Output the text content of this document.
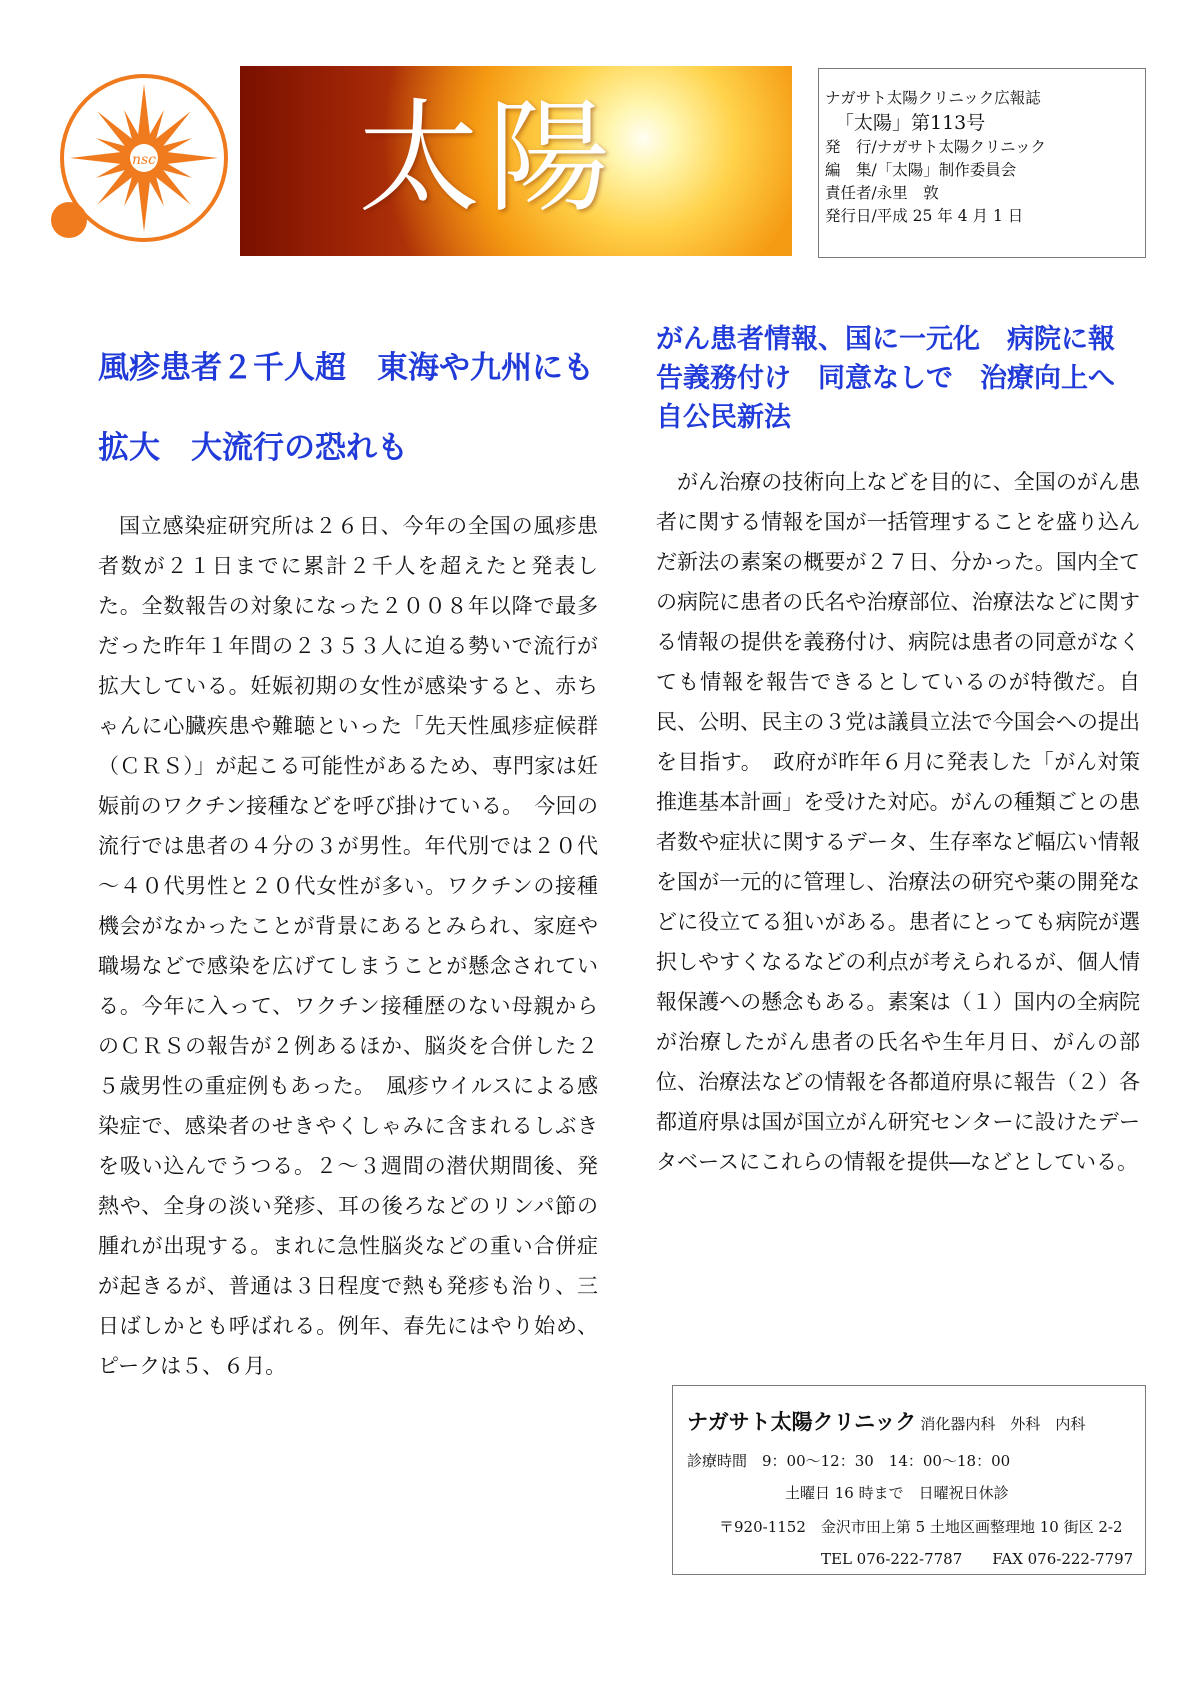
nsc 太陽	ナガサト太陽クリニック広報誌
「太陽」第113号
発　行/ナガサト太陽クリニック
編　集/「太陽」制作委員会
責任者/永里　敦
発行日/平成 25 年 4 月 1 日
風疹患者２千人超　東海や九州にも拡大　大流行の恐れも

国立感染症研究所は２６日、今年の全国の風疹患者数が２１日までに累計２千人を超えたと発表した。全数報告の対象になった２００８年以降で最多だった昨年１年間の２３５３人に迫る勢いで流行が拡大している。妊娠初期の女性が感染すると、赤ちゃんに心臓疾患や難聴といった「先天性風疹症候群（ＣＲＳ）」が起こる可能性があるため、専門家は妊娠前のワクチン接種などを呼び掛けている。　今回の流行では患者の４分の３が男性。年代別では２０代～４０代男性と２０代女性が多い。ワクチンの接種機会がなかったことが背景にあるとみられ、家庭や職場などで感染を広げてしまうことが懸念されている。今年に入って、ワクチン接種歴のない母親からのＣＲＳの報告が２例あるほか、脳炎を合併した２５歳男性の重症例もあった。　風疹ウイルスによる感染症で、感染者のせきやくしゃみに含まれるしぶきを吸い込んでうつる。２～３週間の潜伏期間後、発熱や、全身の淡い発疹、耳の後ろなどのリンパ節の腫れが出現する。まれに急性脳炎などの重い合併症が起きるが、普通は３日程度で熱も発疹も治り、三日ばしかとも呼ばれる。例年、春先にはやり始め、ピークは５、６月。

がん患者情報、国に一元化　病院に報告義務付け　同意なしで　治療向上へ自公民新法

がん治療の技術向上などを目的に、全国のがん患者に関する情報を国が一括管理することを盛り込んだ新法の素案の概要が２７日、分かった。国内全ての病院に患者の氏名や治療部位、治療法などに関する情報の提供を義務付け、病院は患者の同意がなくても情報を報告できるとしているのが特徴だ。自民、公明、民主の３党は議員立法で今国会への提出を目指す。　政府が昨年６月に発表した「がん対策推進基本計画」を受けた対応。がんの種類ごとの患者数や症状に関するデータ、生存率など幅広い情報を国が一元的に管理し、治療法の研究や薬の開発などに役立てる狙いがある。患者にとっても病院が選択しやすくなるなどの利点が考えられるが、個人情報保護への懸念もある。素案は（１）国内の全病院が治療したがん患者の氏名や生年月日、がんの部位、治療法などの情報を各都道府県に報告（２）各都道府県は国が国立がん研究センターに設けたデータベースにこれらの情報を提供―などとしている。

ナガサト太陽クリニック 消化器内科　外科　内科
診療時間　9：00～12：30　14：00～18：00
土曜日 16 時まで　日曜祝日休診
〒920-1152　金沢市田上第 5 土地区画整理地 10 街区 2-2
TEL 076-222-7787　　FAX 076-222-7797
